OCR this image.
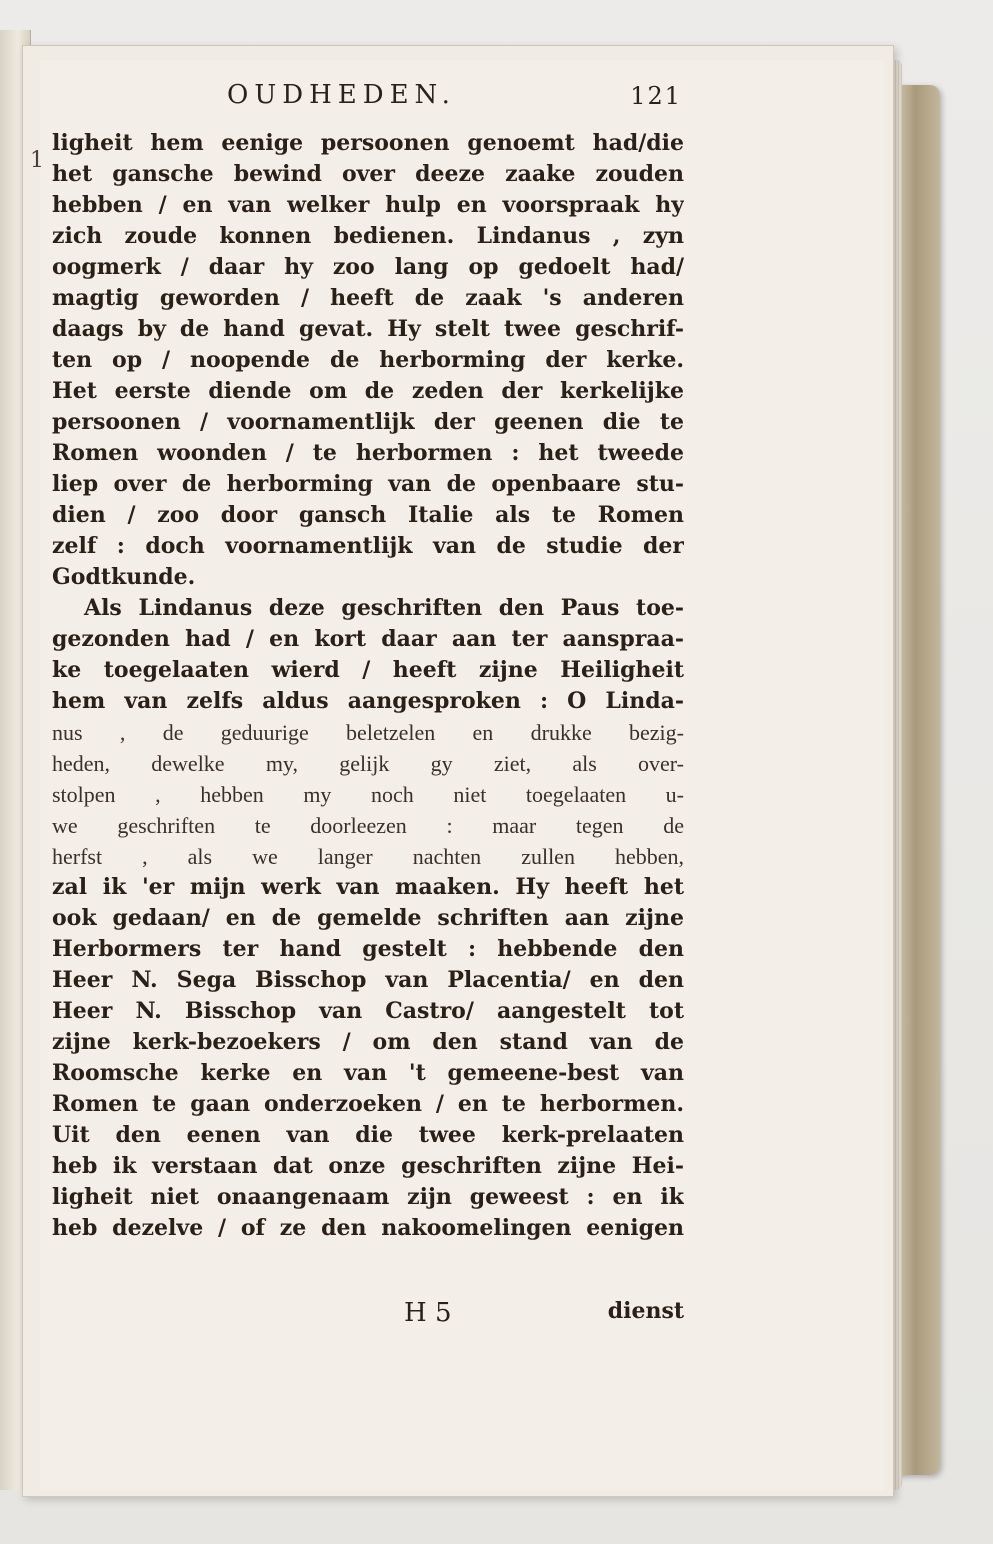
1
OUDHEDEN.	121
ligheit hem eenige persoonen genoemt had/die
het gansche bewind over deeze zaake zouden
hebben / en van welker hulp en voorspraak hy
zich zoude konnen bedienen. Lindanus , zyn
oogmerk / daar hy zoo lang op gedoelt had/
magtig geworden / heeft de zaak 's anderen
daags by de hand gevat. Hy stelt twee geschrif-
ten op / noopende de herborming der kerke.
Het eerste diende om de zeden der kerkelijke
persoonen / voornamentlijk der geenen die te
Romen woonden / te herbormen : het tweede
liep over de herborming van de openbaare stu-
dien / zoo door gansch Italie als te Romen
zelf : doch voornamentlijk van de studie der
Godtkunde.
Als Lindanus deze geschriften den Paus toe-
gezonden had / en kort daar aan ter aanspraa-
ke toegelaaten wierd / heeft zijne Heiligheit
hem van zelfs aldus aangesproken : O Linda-
nus , de geduurige beletzelen en drukke bezig-
heden, dewelke my, gelijk gy ziet, als over-
stolpen , hebben my noch niet toegelaaten u-
we geschriften te doorleezen : maar tegen de
herfst , als we langer nachten zullen hebben,
zal ik 'er mijn werk van maaken. Hy heeft het
ook gedaan/ en de gemelde schriften aan zijne
Herbormers ter hand gestelt : hebbende den
Heer N. Sega Bisschop van Placentia/ en den
Heer N. Bisschop van Castro/ aangestelt tot
zijne kerk-bezoekers / om den stand van de
Roomsche kerke en van 't gemeene-best van
Romen te gaan onderzoeken / en te herbormen.
Uit den eenen van die twee kerk-prelaaten
heb ik verstaan dat onze geschriften zijne Hei-
ligheit niet onaangenaam zijn geweest : en ik
heb dezelve / of ze den nakoomelingen eenigen
H 5	dienst
